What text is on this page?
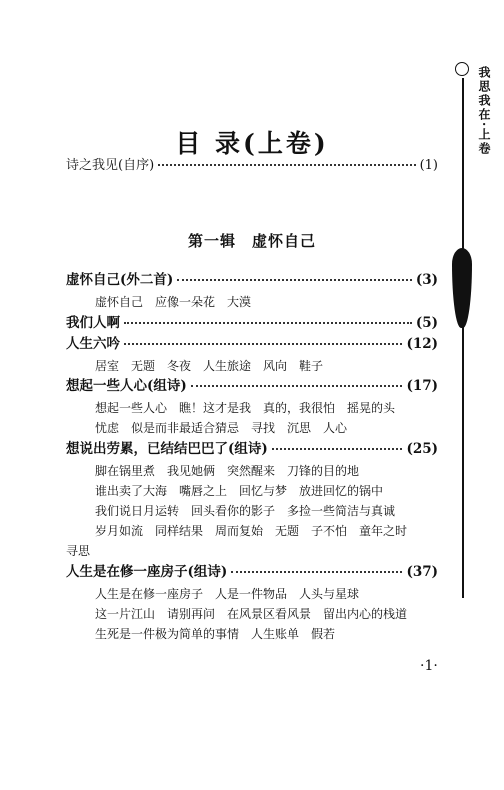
我思我在·上卷
目 录(上卷)
诗之我见(自序)	(1)
第一辑　虚怀自己
虚怀自己(外二首)	(3)
虚怀自己　应像一朵花　大漠
我们人啊	(5)
人生六吟	(12)
居室　无题　冬夜　人生旅途　风向　鞋子
想起一些人心(组诗)	(17)
想起一些人心　瞧！这才是我　真的，我很怕　摇晃的头
忧虑　似是而非最适合猜忌　寻找　沉思　人心
想说出劳累，已结结巴巴了(组诗)	(25)
脚在锅里煮　我见她俩　突然醒来　刀锋的目的地
谁出卖了大海　嘴唇之上　回忆与梦　放进回忆的锅中
我们说日月运转　回头看你的影子　多捡一些简洁与真诚
岁月如流　同样结果　周而复始　无题　子不怕　童年之时
寻思
人生是在修一座房子(组诗)	(37)
人生是在修一座房子　人是一件物品　人头与星球
这一片江山　请别再问　在风景区看风景　留出内心的栈道
生死是一件极为简单的事情　人生账单　假若
·1·
